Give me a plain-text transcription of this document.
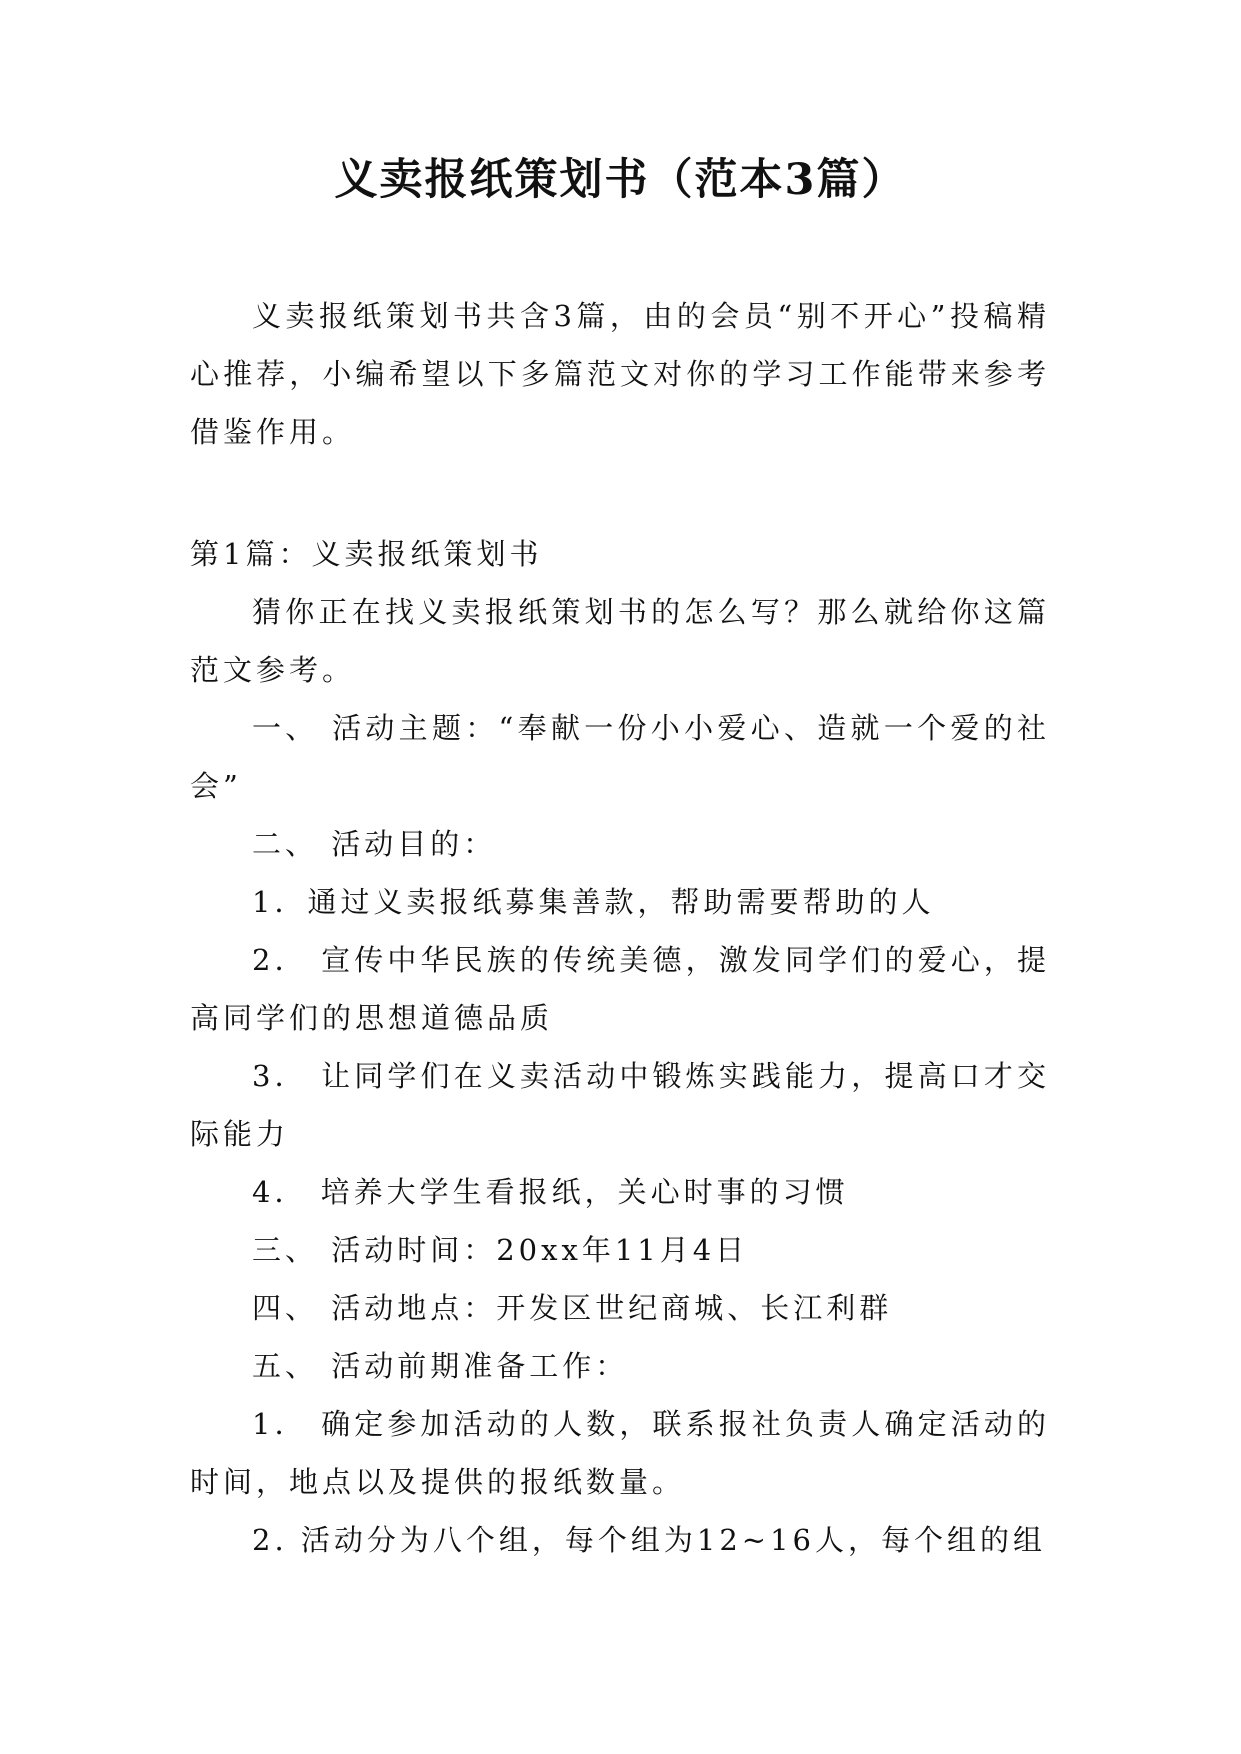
义卖报纸策划书（范本3篇）

义卖报纸策划书共含3篇，由的会员“别不开心”投稿精心推荐，小编希望以下多篇范文对你的学习工作能带来参考借鉴作用。

第1篇：义卖报纸策划书

猜你正在找义卖报纸策划书的怎么写？那么就给你这篇范文参考。

一、 活动主题：“奉献一份小小爱心、造就一个爱的社会”

二、 活动目的：

1．通过义卖报纸募集善款，帮助需要帮助的人

2． 宣传中华民族的传统美德，激发同学们的爱心，提高同学们的思想道德品质

3． 让同学们在义卖活动中锻炼实践能力，提高口才交际能力

4． 培养大学生看报纸，关心时事的习惯

三、 活动时间：20xx年11月4日

四、 活动地点：开发区世纪商城、长江利群

五、 活动前期准备工作：

1． 确定参加活动的人数，联系报社负责人确定活动的时间，地点以及提供的报纸数量。

2. 活动分为八个组，每个组为12~16人，每个组的组
